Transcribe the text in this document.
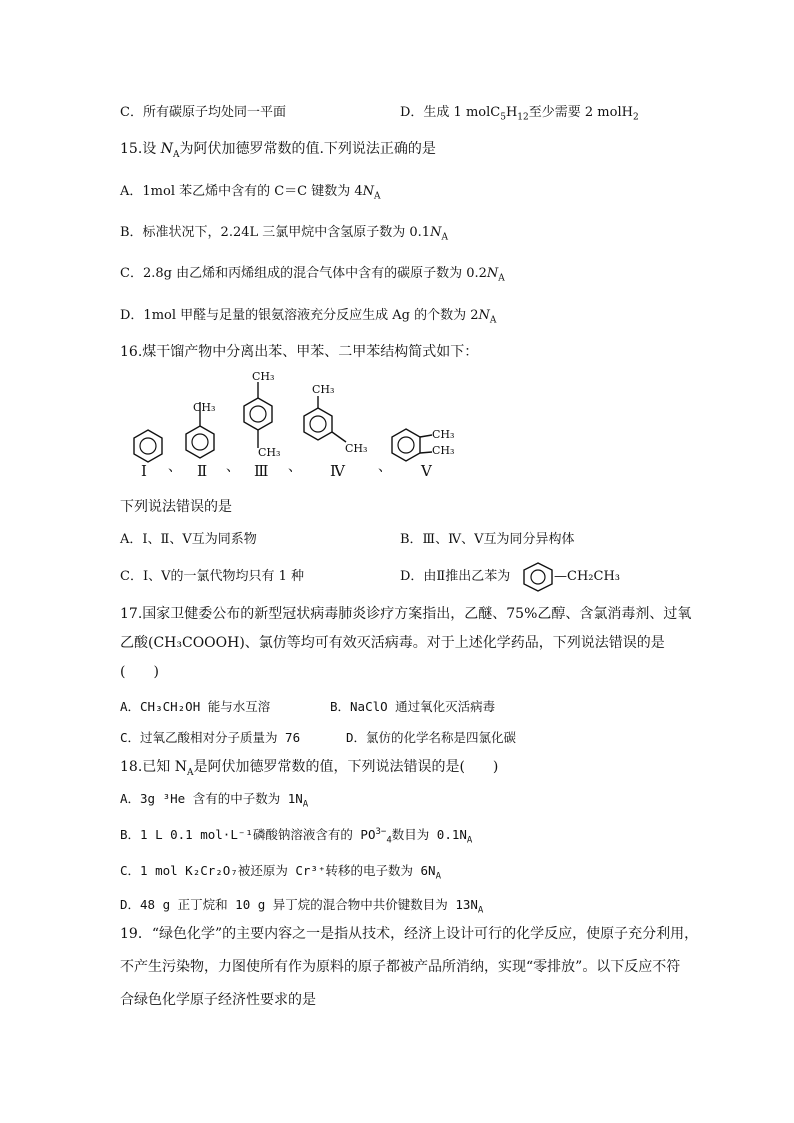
C．所有碳原子均处同一平面	D．生成 1 $molC_5H_{12}$至少需要 2 molH$_2$
15.设 $N_A$为阿伏加德罗常数的值.下列说法正确的是
A．1mol 苯乙烯中含有的 C＝C 键数为 $4N_A$
B．标准状况下，2.24L 三氯甲烷中含氢原子数为 $0.1N_A$
C．2.8g 由乙烯和丙烯组成的混合气体中含有的碳原子数为 $0.2N_A$
D．1mol 甲醛与足量的银氨溶液充分反应生成 Ag 的个数为 $2N_A$
16.煤干馏产物中分离出苯、甲苯、二甲苯结构简式如下：
Ⅰ 、
CH₃
Ⅱ 、
CH₃
CH₃
Ⅲ 、
CH₃
CH₃
Ⅳ 、
CH₃
CH₃
Ⅴ
下列说法错误的是
A．Ⅰ、Ⅱ、Ⅴ互为同系物	B．Ⅲ、Ⅳ、Ⅴ互为同分异构体
C．Ⅰ、Ⅴ的一氯代物均只有 1 种	D．由Ⅱ推出乙苯为	—CH₂CH₃
17.国家卫健委公布的新型冠状病毒肺炎诊疗方案指出，乙醚、75%乙醇、含氯消毒剂、过氧
乙酸(CH₃COOOH)、氯仿等均可有效灭活病毒。对于上述化学药品，下列说法错误的是
(　　)
A．CH₃CH₂OH 能与水互溶	B．NaClO 通过氧化灭活病毒
C．过氧乙酸相对分子质量为 76	D．氯仿的化学名称是四氯化碳
18.已知 $N_A$是阿伏加德罗常数的值，下列说法错误的是(　　)
A．3g ³He 含有的中子数为 $1N_A$
B．1 L 0.1 mol·L⁻¹磷酸钠溶液含有的 $PO^{3-}_4$数目为 $0.1N_A$
C．1 mol K₂Cr₂O₇被还原为 Cr³⁺转移的电子数为 $6N_A$
D．48 g 正丁烷和 10 g 异丁烷的混合物中共价键数目为 $13N_A$
19．“绿色化学”的主要内容之一是指从技术，经济上设计可行的化学反应，使原子充分利用，
不产生污染物，力图使所有作为原料的原子都被产品所消纳，实现“零排放”。以下反应不符
合绿色化学原子经济性要求的是
